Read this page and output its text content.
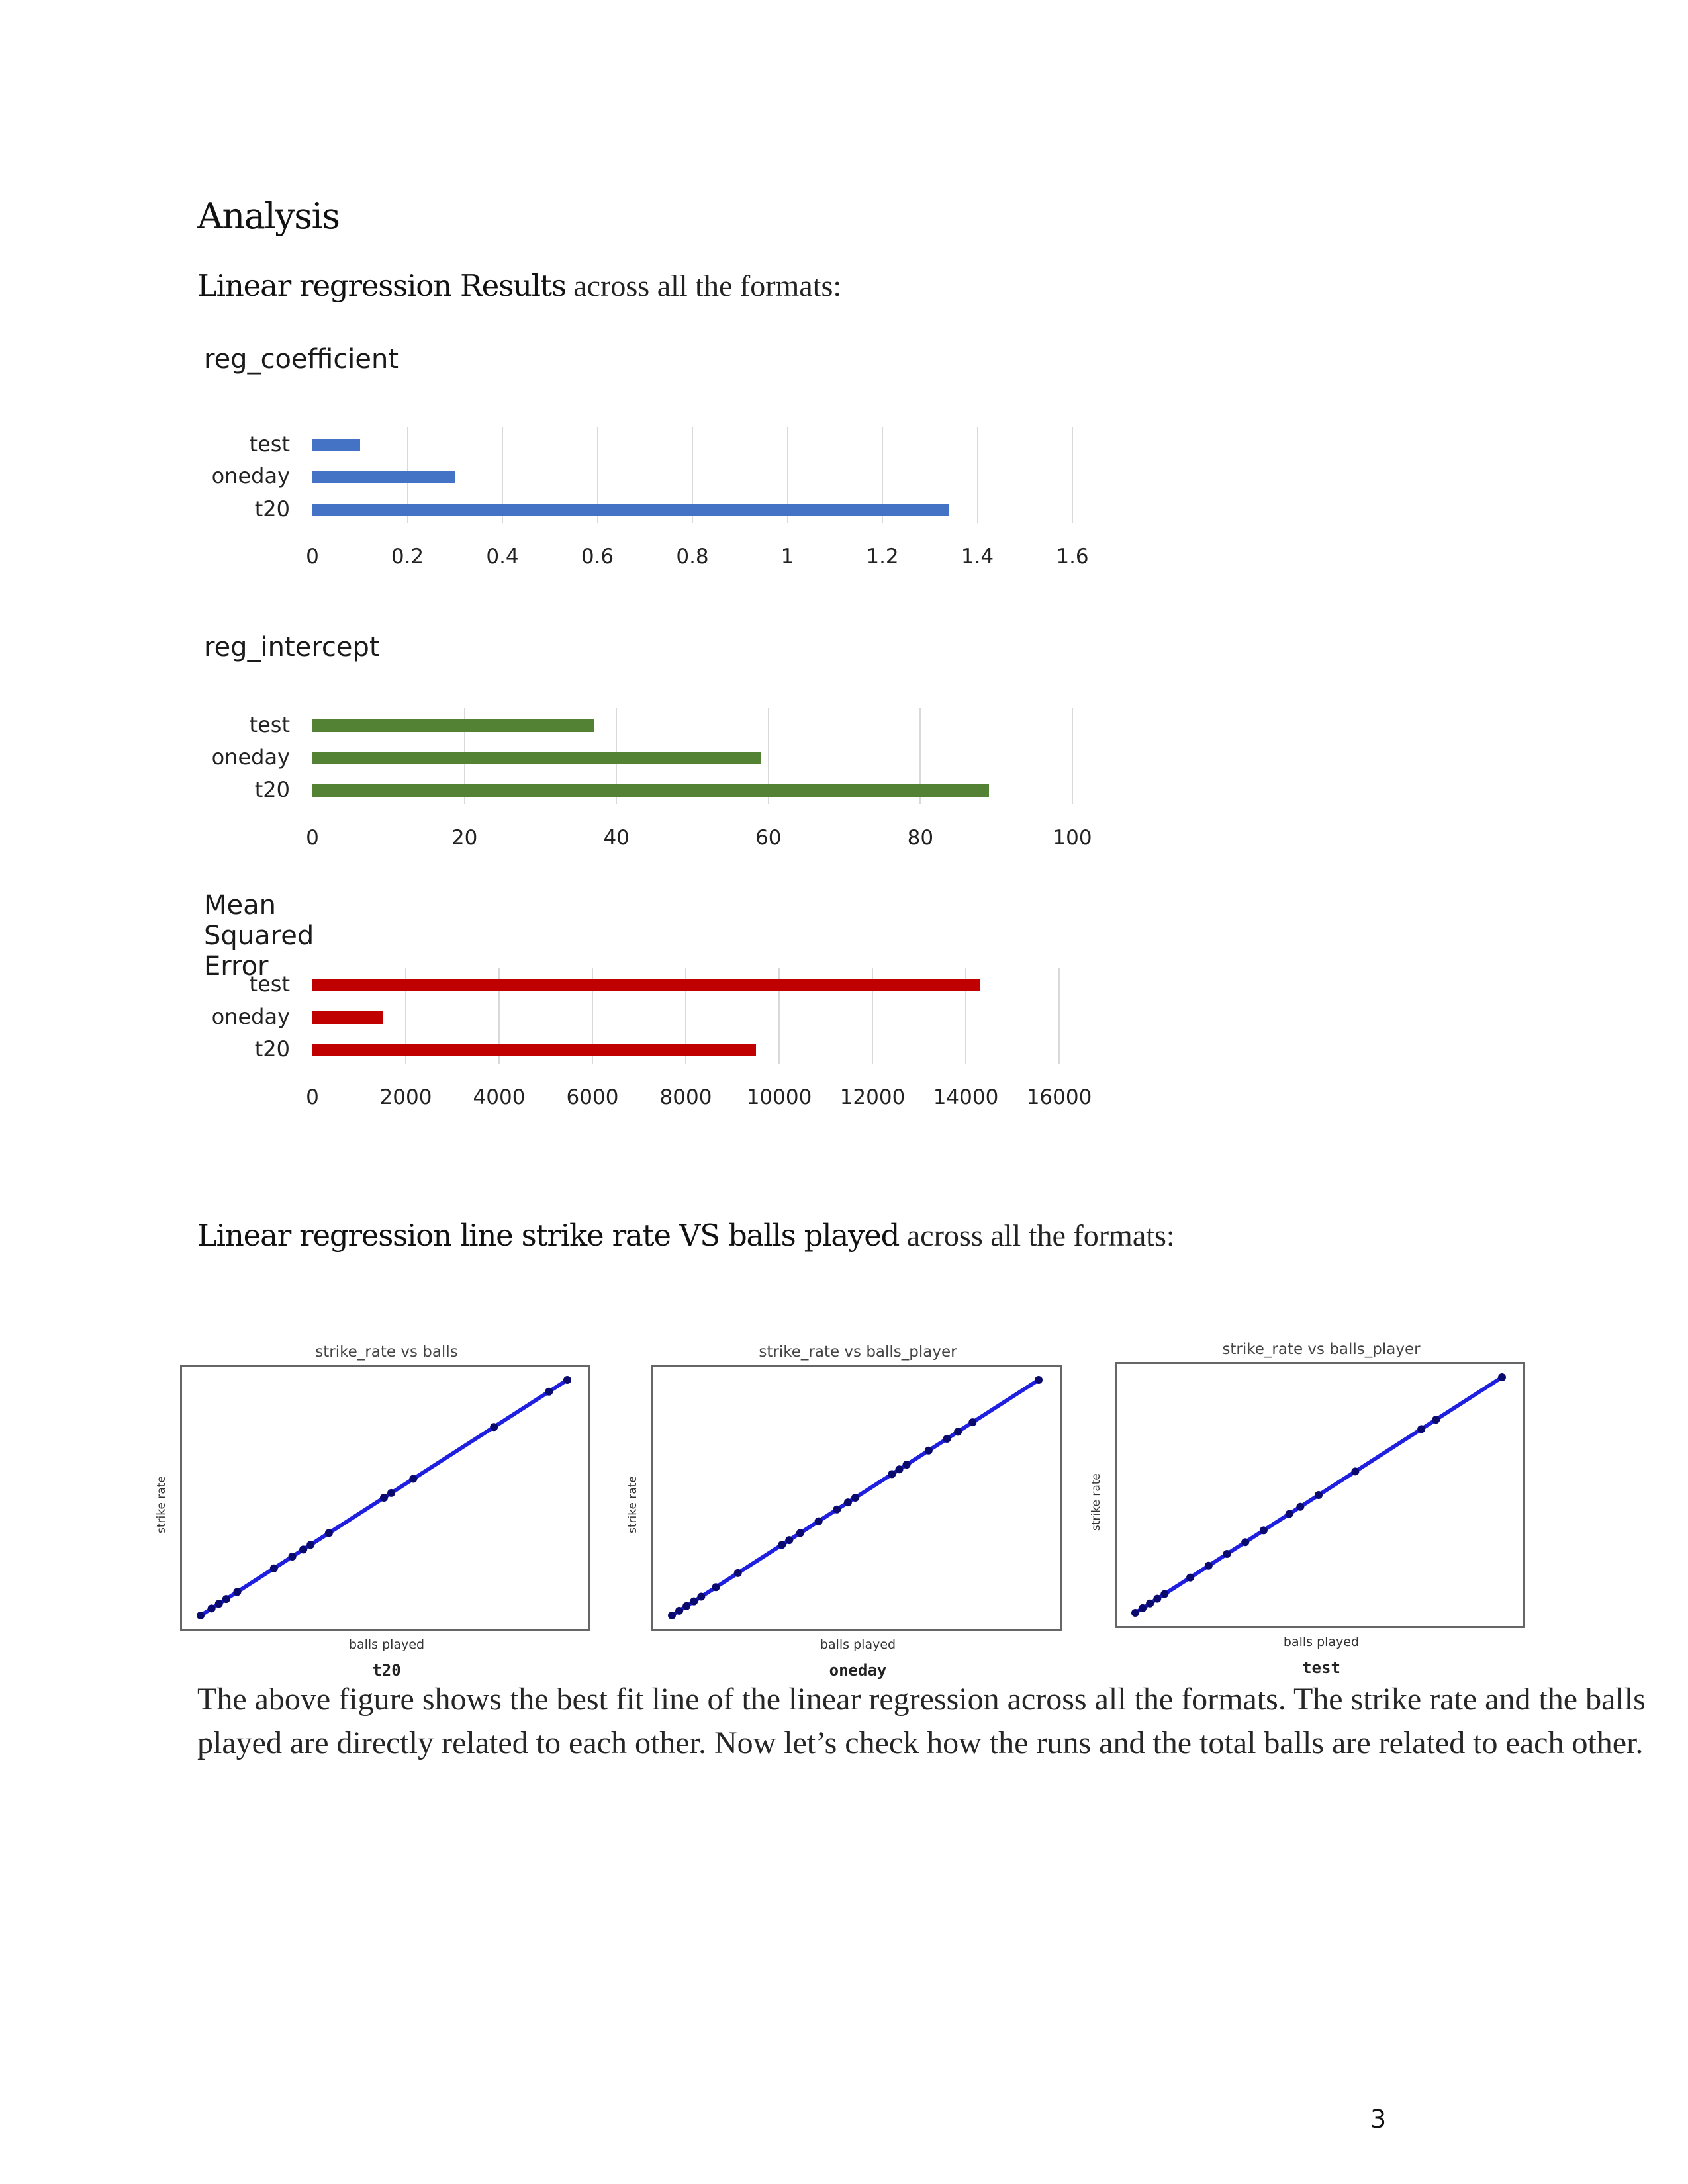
Analysis
Linear regression Results across all the formats:
reg_coefficient
0	0.2	0.4	0.6	0.8	1	1.2	1.4	1.6
test
oneday
t20
reg_intercept
0	20	40	60	80	100
test
oneday
t20
Mean Squared Error
0	2000	4000	6000	8000	10000	12000	14000	16000
test
oneday
t20
Linear regression line strike rate VS balls played across all the formats:
strike_rate vs balls
strike rate
balls played
t20
strike_rate vs balls_player
strike rate
balls played
oneday
strike_rate vs balls_player
strike rate
balls played
test
The above figure shows the best fit line of the linear regression across all the formats. The strike rate and the balls played are directly related to each other. Now let’s check how the runs and the total balls are related to each other.
3
